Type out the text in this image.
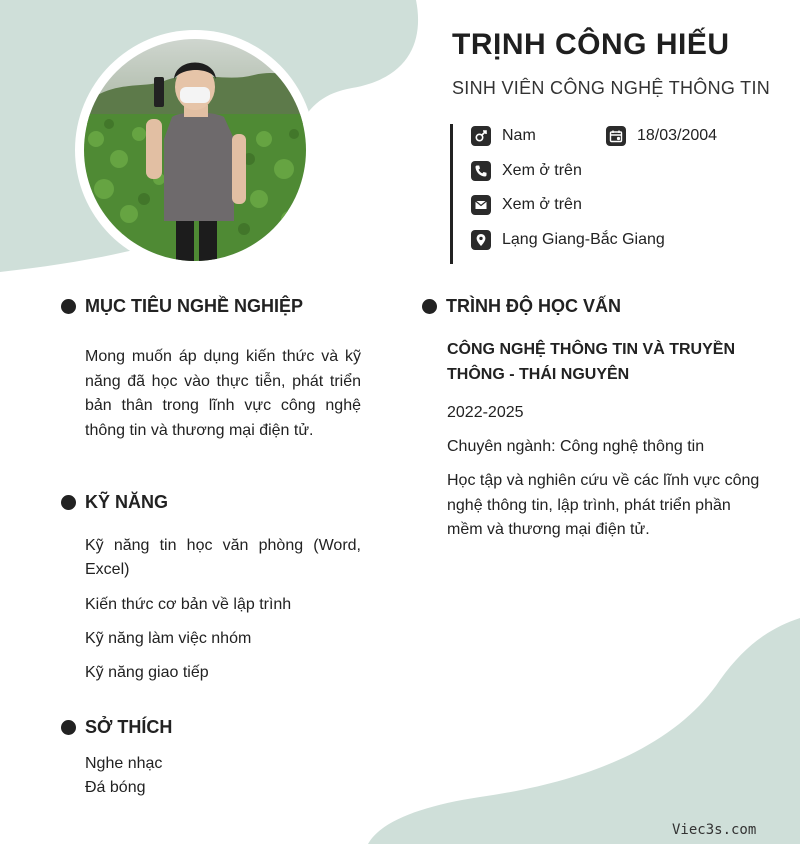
TRỊNH CÔNG HIẾU
SINH VIÊN CÔNG NGHỆ THÔNG TIN
Nam	18/03/2004
Xem ở trên
Xem ở trên
Lạng Giang-Bắc Giang
MỤC TIÊU NGHỀ NGHIỆP
Mong muốn áp dụng kiến thức và kỹ năng đã học vào thực tiễn, phát triển bản thân trong lĩnh vực công nghệ thông tin và thương mại điện tử.
KỸ NĂNG
Kỹ năng tin học văn phòng (Word, Excel)
Kiến thức cơ bản về lập trình
Kỹ năng làm việc nhóm
Kỹ năng giao tiếp
SỞ THÍCH
Nghe nhạc
Đá bóng
TRÌNH ĐỘ HỌC VẤN
CÔNG NGHỆ THÔNG TIN VÀ TRUYỀN THÔNG - THÁI NGUYÊN
2022-2025
Chuyên ngành: Công nghệ thông tin
Học tập và nghiên cứu về các lĩnh vực công nghệ thông tin, lập trình, phát triển phần mềm và thương mại điện tử.
Viec3s.com
